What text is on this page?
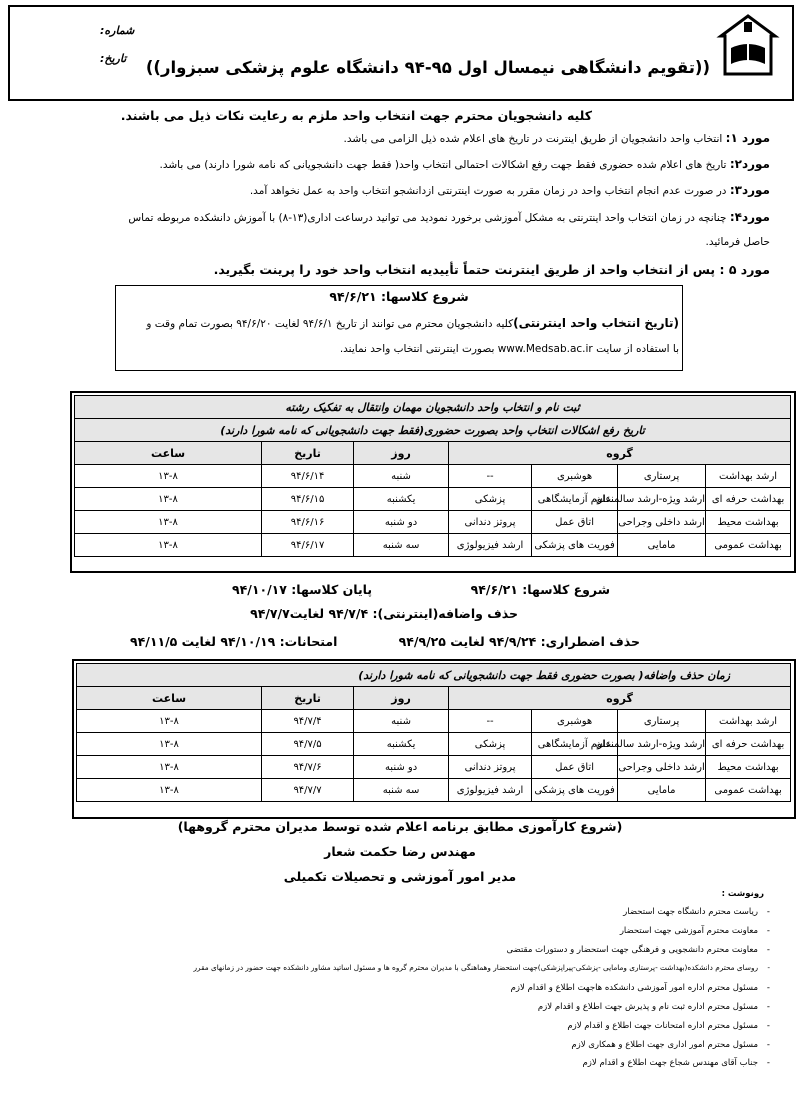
شماره:
تاریخ: ((تقویم دانشگاهی نیمسال اول ۹۵-۹۴ دانشگاه علوم پزشکی سبزوار))
کلیه دانشجویان محترم جهت انتخاب واحد ملزم به رعایت نکات ذیل می باشند.
مورد ۱: انتخاب واحد دانشجویان از طریق اینترنت در تاریخ های اعلام شده ذیل الزامی می باشد.
مورد۲: تاریخ های اعلام شده حضوری فقط جهت رفع اشکالات احتمالی انتخاب واحد( فقط جهت دانشجویانی که نامه شورا دارند) می باشد.
مورد۳: در صورت عدم انجام انتخاب واحد در زمان مقرر به صورت اینترنتی ازدانشجو انتخاب واحد به عمل نخواهد آمد.
مورد۴: چنانچه در زمان انتخاب واحد اینترنتی به مشکل آموزشی برخورد نمودید می توانید درساعت اداری(۱۳-۸) با آموزش دانشکده مربوطه تماس
حاصل فرمائید.
مورد ۵ : پس از انتخاب واحد از طریق اینترنت حتماً تأییدیه انتخاب واحد خود را پرینت بگیرید.
شروع کلاسها: ۹۴/۶/۲۱
(تاریخ انتخاب واحد اینترنتی)کلیه دانشجویان محترم می توانند از تاریخ ۹۴/۶/۱ لغایت ۹۴/۶/۲۰ بصورت تمام وقت و
با استفاده از سایت www.Medsab.ac.ir بصورت اینترنتی انتخاب واحد نمایند.
ثبت نام و انتخاب واحد دانشجویان مهمان وانتقال به تفکیک رشته						
تاریخ رفع اشکالات انتخاب واحد بصورت حضوری(فقط جهت دانشجویانی که نامه شورا دارند)						
گروه				روز	تاریخ	ساعت
ارشد بهداشت	پرستاری	هوشبری	--	شنبه	۹۴/۶/۱۴	۱۳-۸
بهداشت حرفه ای	ارشد ویژه-ارشد سالمندان	علوم آزمایشگاهی	پزشکی	یکشنبه	۹۴/۶/۱۵	۱۳-۸
بهداشت محیط	ارشد داخلی وجراحی	اتاق عمل	پروتز دندانی	دو شنبه	۹۴/۶/۱۶	۱۳-۸
بهداشت عمومی	مامایی	فوریت های پزشکی	ارشد فیزیولوژی	سه شنبه	۹۴/۶/۱۷	۱۳-۸
شروع کلاسها: ۹۴/۶/۲۱
پایان کلاسها: ۹۴/۱۰/۱۷
حذف واضافه(اینترنتی): ۹۴/۷/۴ لغایت۹۴/۷/۷
حذف اضطراری: ۹۴/۹/۲۴ لغایت ۹۴/۹/۲۵
امتحانات: ۹۴/۱۰/۱۹ لغایت ۹۴/۱۱/۵
زمان حذف واضافه( بصورت حضوری فقط جهت دانشجویانی که نامه شورا دارند)						
گروه				روز	تاریخ	ساعت
ارشد بهداشت	پرستاری	هوشبری	--	شنبه	۹۴/۷/۴	۱۳-۸
بهداشت حرفه ای	ارشد ویژه-ارشد سالمندان	علوم آزمایشگاهی	پزشکی	یکشنبه	۹۴/۷/۵	۱۳-۸
بهداشت محیط	ارشد داخلی وجراحی	اتاق عمل	پروتز دندانی	دو شنبه	۹۴/۷/۶	۱۳-۸
بهداشت عمومی	مامایی	فوریت های پزشکی	ارشد فیزیولوژی	سه شنبه	۹۴/۷/۷	۱۳-۸
(شروع کارآموزی مطابق برنامه اعلام شده توسط مدیران محترم گروهها)
مهندس رضا حکمت شعار
مدیر امور آموزشی و تحصیلات تکمیلی
رونوشت :
ریاست محترم دانشگاه جهت استحضار -
معاونت محترم آموزشی جهت استحضار -
معاونت محترم دانشجویی و فرهنگی جهت استحضار و دستورات مقتضی -
روسای محترم دانشکده(بهداشت -پرستاری ومامایی -پزشکی-پیراپزشکی)جهت استحضار وهماهنگی با مدیران محترم گروه ها و مسئول اساتید مشاور دانشکده جهت حضور در زمانهای مقرر -
مسئول محترم اداره امور آموزشی دانشکده هاجهت اطلاع و اقدام لازم -
مسئول محترم اداره ثبت نام و پذیرش جهت اطلاع و اقدام لازم -
مسئول محترم اداره امتحانات جهت اطلاع و اقدام لازم -
مسئول محترم امور اداری جهت اطلاع و همکاری لازم -
جناب آقای مهندس شجاع جهت اطلاع و اقدام لازم -
